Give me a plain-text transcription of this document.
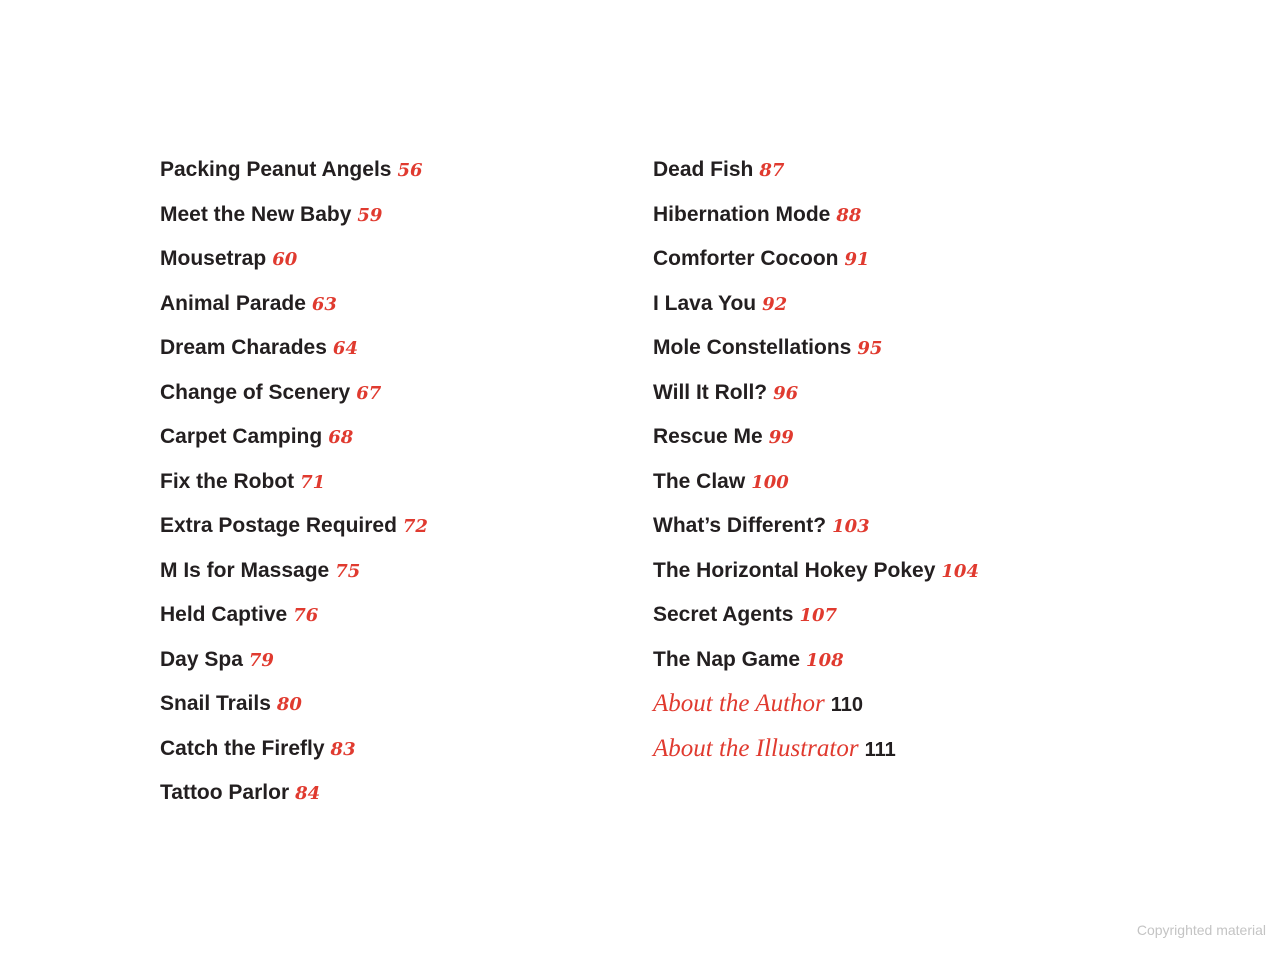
Packing Peanut Angels 56
Meet the New Baby 59
Mousetrap 60
Animal Parade 63
Dream Charades 64
Change of Scenery 67
Carpet Camping 68
Fix the Robot 71
Extra Postage Required 72
M Is for Massage 75
Held Captive 76
Day Spa 79
Snail Trails 80
Catch the Firefly 83
Tattoo Parlor 84
Dead Fish 87
Hibernation Mode 88
Comforter Cocoon 91
I Lava You 92
Mole Constellations 95
Will It Roll? 96
Rescue Me 99
The Claw 100
What’s Different? 103
The Horizontal Hokey Pokey 104
Secret Agents 107
The Nap Game 108
About the Author 110
About the Illustrator 111
Copyrighted material
